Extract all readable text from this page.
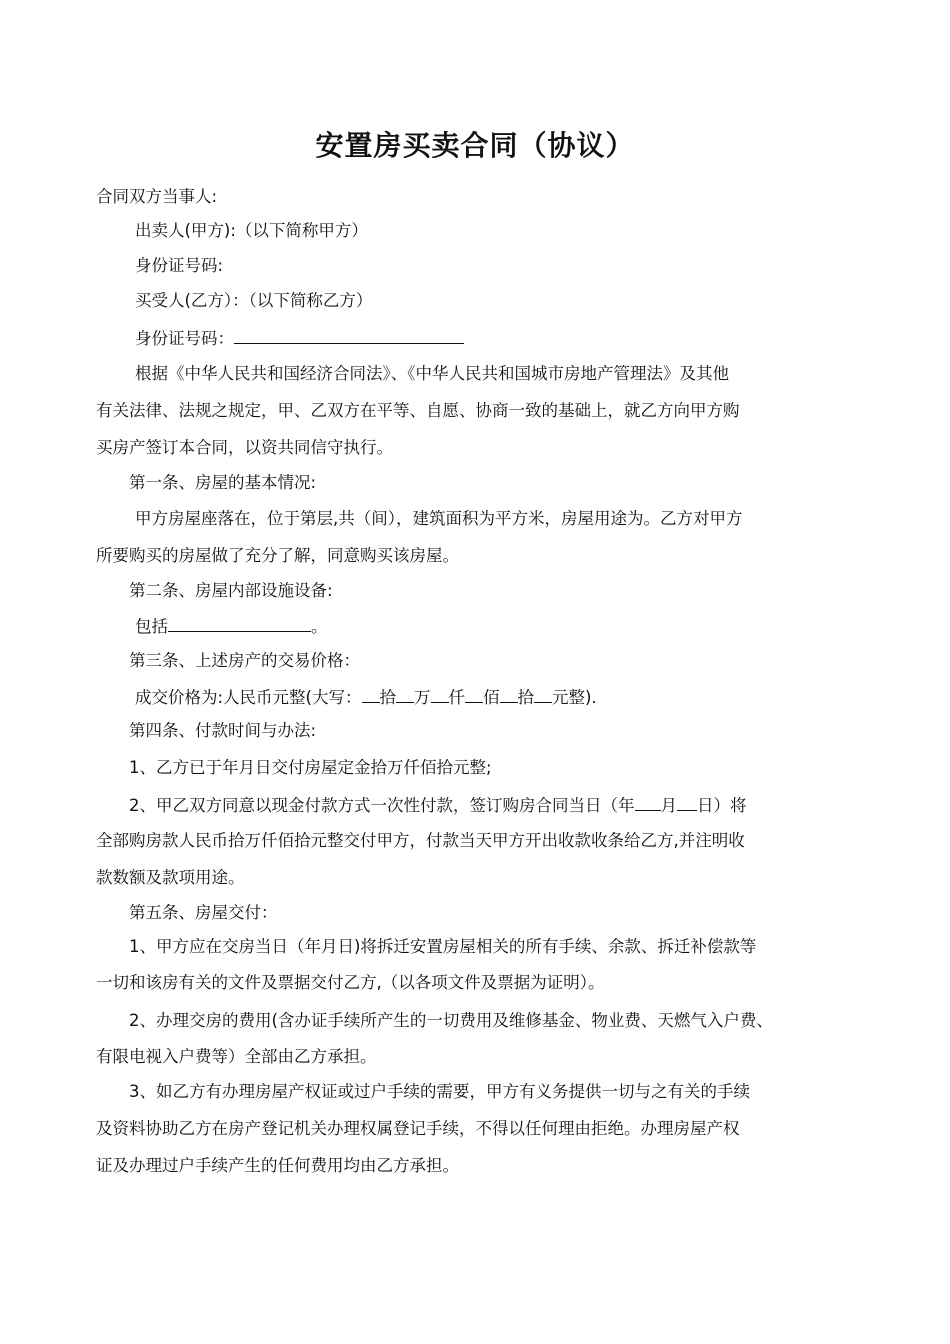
安置房买卖合同（协议）
合同双方当事人:
出卖人(甲方):（以下简称甲方）
身份证号码:
买受人(乙方）：（以下简称乙方）
身份证号码：
根据《中华人民共和国经济合同法》、《中华人民共和国城市房地产管理法》及其他
有关法律、法规之规定，甲、乙双方在平等、自愿、协商一致的基础上，就乙方向甲方购
买房产签订本合同，以资共同信守执行。
第一条、房屋的基本情况:
甲方房屋座落在，位于第层,共（间），建筑面积为平方米，房屋用途为。乙方对甲方
所要购买的房屋做了充分了解，同意购买该房屋。
第二条、房屋内部设施设备:
包括	。
第三条、上述房产的交易价格：
成交价格为:人民币元整(大写： 拾 万 仟 佰 拾 元整).
第四条、付款时间与办法:
1、乙方已于年月日交付房屋定金拾万仟佰拾元整;
2、甲乙双方同意以现金付款方式一次性付款，签订购房合同当日（年 月 日）将
全部购房款人民币拾万仟佰拾元整交付甲方，付款当天甲方开出收款收条给乙方,并注明收
款数额及款项用途。
第五条、房屋交付：
1、甲方应在交房当日（年月日)将拆迁安置房屋相关的所有手续、余款、拆迁补偿款等
一切和该房有关的文件及票据交付乙方,（以各项文件及票据为证明）。
2、办理交房的费用(含办证手续所产生的一切费用及维修基金、物业费、天燃气入户费、
有限电视入户费等）全部由乙方承担。
3、如乙方有办理房屋产权证或过户手续的需要，甲方有义务提供一切与之有关的手续
及资料协助乙方在房产登记机关办理权属登记手续，不得以任何理由拒绝。办理房屋产权
证及办理过户手续产生的任何费用均由乙方承担。
